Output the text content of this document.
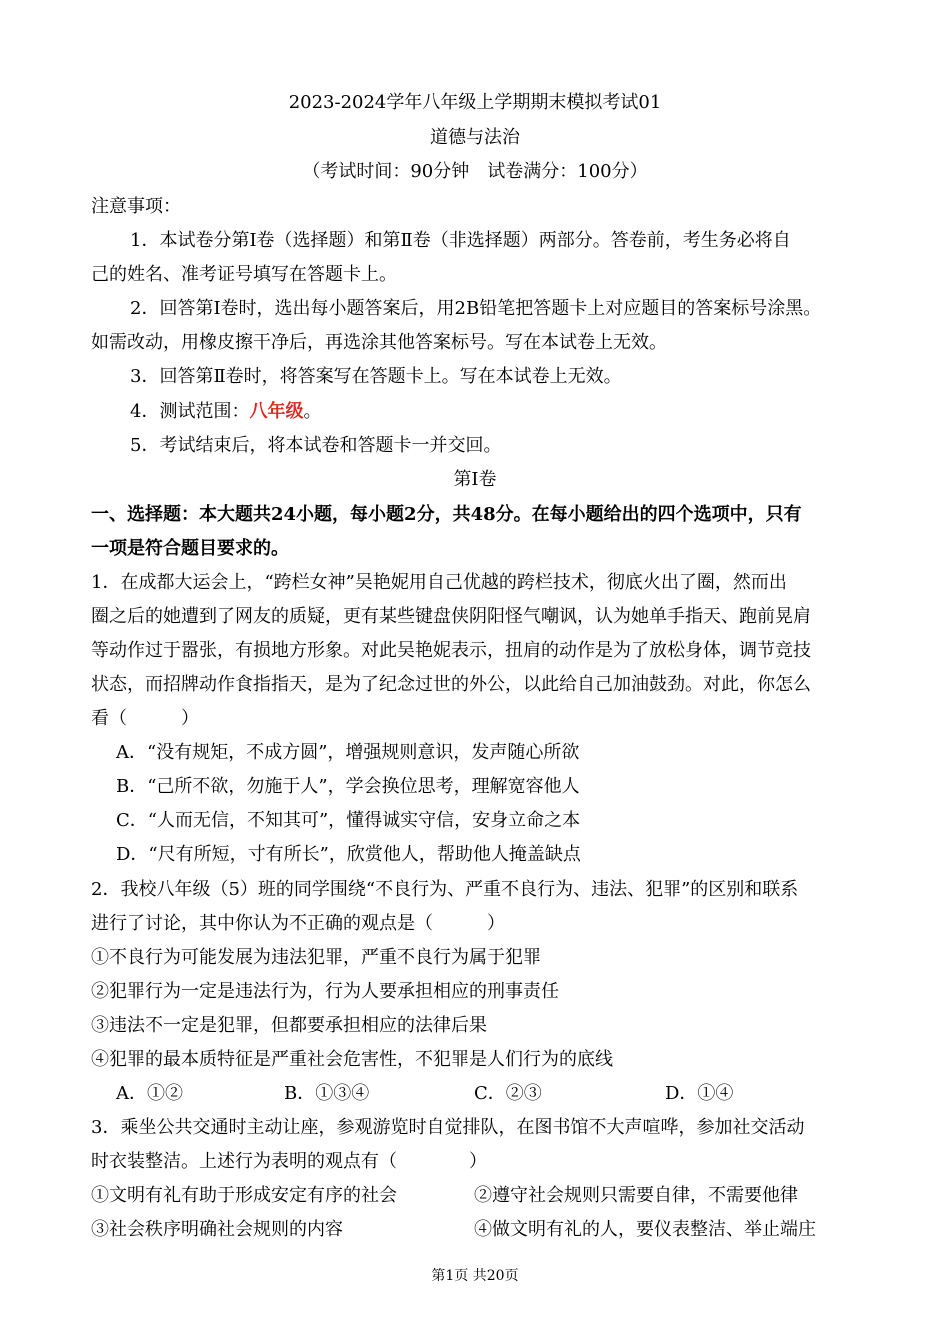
2023-2024学年八年级上学期期末模拟考试01
道德与法治
（考试时间：90分钟　试卷满分：100分）
注意事项：
1．本试卷分第Ⅰ卷（选择题）和第Ⅱ卷（非选择题）两部分。答卷前，考生务必将自
己的姓名、准考证号填写在答题卡上。
2．回答第Ⅰ卷时，选出每小题答案后，用2B铅笔把答题卡上对应题目的答案标号涂黑。
如需改动，用橡皮擦干净后，再选涂其他答案标号。写在本试卷上无效。
3．回答第Ⅱ卷时，将答案写在答题卡上。写在本试卷上无效。
4．测试范围：八年级。
5．考试结束后，将本试卷和答题卡一并交回。
第Ⅰ卷
一、选择题：本大题共24小题，每小题2分，共48分。在每小题给出的四个选项中，只有
一项是符合题目要求的。
1．在成都大运会上，“跨栏女神”吴艳妮用自己优越的跨栏技术，彻底火出了圈，然而出
圈之后的她遭到了网友的质疑，更有某些键盘侠阴阳怪气嘲讽，认为她单手指天、跑前晃肩
等动作过于嚣张，有损地方形象。对此吴艳妮表示，扭肩的动作是为了放松身体，调节竞技
状态，而招牌动作食指指天，是为了纪念过世的外公，以此给自己加油鼓劲。对此，你怎么
看（　　　）
A．“没有规矩，不成方圆”，增强规则意识，发声随心所欲
B．“己所不欲，勿施于人”，学会换位思考，理解宽容他人
C．“人而无信，不知其可”，懂得诚实守信，安身立命之本
D．“尺有所短，寸有所长”，欣赏他人，帮助他人掩盖缺点
2．我校八年级（5）班的同学围绕“不良行为、严重不良行为、违法、犯罪”的区别和联系
进行了讨论，其中你认为不正确的观点是（　　　）
①不良行为可能发展为违法犯罪，严重不良行为属于犯罪
②犯罪行为一定是违法行为，行为人要承担相应的刑事责任
③违法不一定是犯罪，但都要承担相应的法律后果
④犯罪的最本质特征是严重社会危害性，不犯罪是人们行为的底线
A．①②	B．①③④	C．②③	D．①④
3．乘坐公共交通时主动让座，参观游览时自觉排队，在图书馆不大声喧哗，参加社交活动
时衣装整洁。上述行为表明的观点有（　　　　）
①文明有礼有助于形成安定有序的社会	②遵守社会规则只需要自律，不需要他律
③社会秩序明确社会规则的内容	④做文明有礼的人，要仪表整洁、举止端庄
第1页 共20页
